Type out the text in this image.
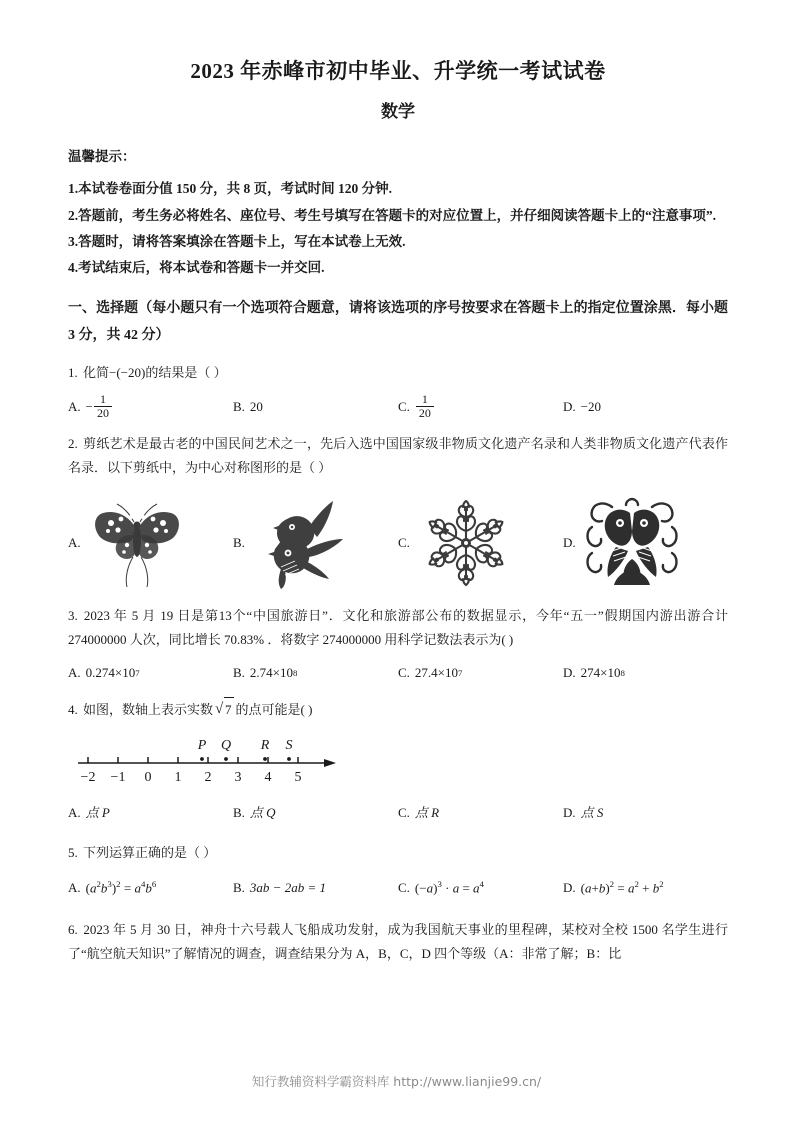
2023 年赤峰市初中毕业、升学统一考试试卷
数学
温馨提示：

1.本试卷卷面分值 150 分，共 8 页，考试时间 120 分钟.

2.答题前，考生务必将姓名、座位号、考生号填写在答题卡的对应位置上，并仔细阅读答题卡上的“注意事项”.

3.答题时，请将答案填涂在答题卡上，写在本试卷上无效.

4.考试结束后，将本试卷和答题卡一并交回.

一、选择题（每小题只有一个选项符合题意，请将该选项的序号按要求在答题卡上的指定位置涂黑．每小题 3 分，共 42 分）
1. 化简−(−20)的结果是（ ）
A. − $\frac{1}{20}$	B. 20	C. $\frac{1}{20}$	D. −20
2. 剪纸艺术是最古老的中国民间艺术之一，先后入选中国国家级非物质文化遗产名录和人类非物质文化遗产代表作名录．以下剪纸中，为中心对称图形的是（ ）
A.	B.	C.	D.
3. 2023 年 5 月 19 日是第13个“中国旅游日”．文化和旅游部公布的数据显示，今年“五一”假期国内游出游合计 274000000 人次，同比增长 70.83% ．将数字 274000000 用科学记数法表示为( )
A. 0.274 ×10 7	B. 2.74 ×10 8	C. 27.4 ×10 7	D. 274 ×10 8
4. 如图，数轴上表示实数 √ 7 的点可能是( )
−2 −1 0 1 2 3 4 5
P Q R S
A. 点 P	B. 点 Q	C. 点 R	D. 点 S
5. 下列运算正确的是（ ）
A. $(a^2b^3)^2 = a^4b^6$	B. 3ab − 2ab = 1	C. $(-a)^3 \cdot a = a^4$	D. $(a+b)^2 = a^2 + b^2$
6. 2023 年 5 月 30 日，神舟十六号载人飞船成功发射，成为我国航天事业的里程碑，某校对全校 1500 名学生进行了“航空航天知识”了解情况的调查，调查结果分为 A，B，C，D 四个等级（A：非常了解；B：比
知行教辅资料学霸资料库 http://www.lianjie99.cn/
